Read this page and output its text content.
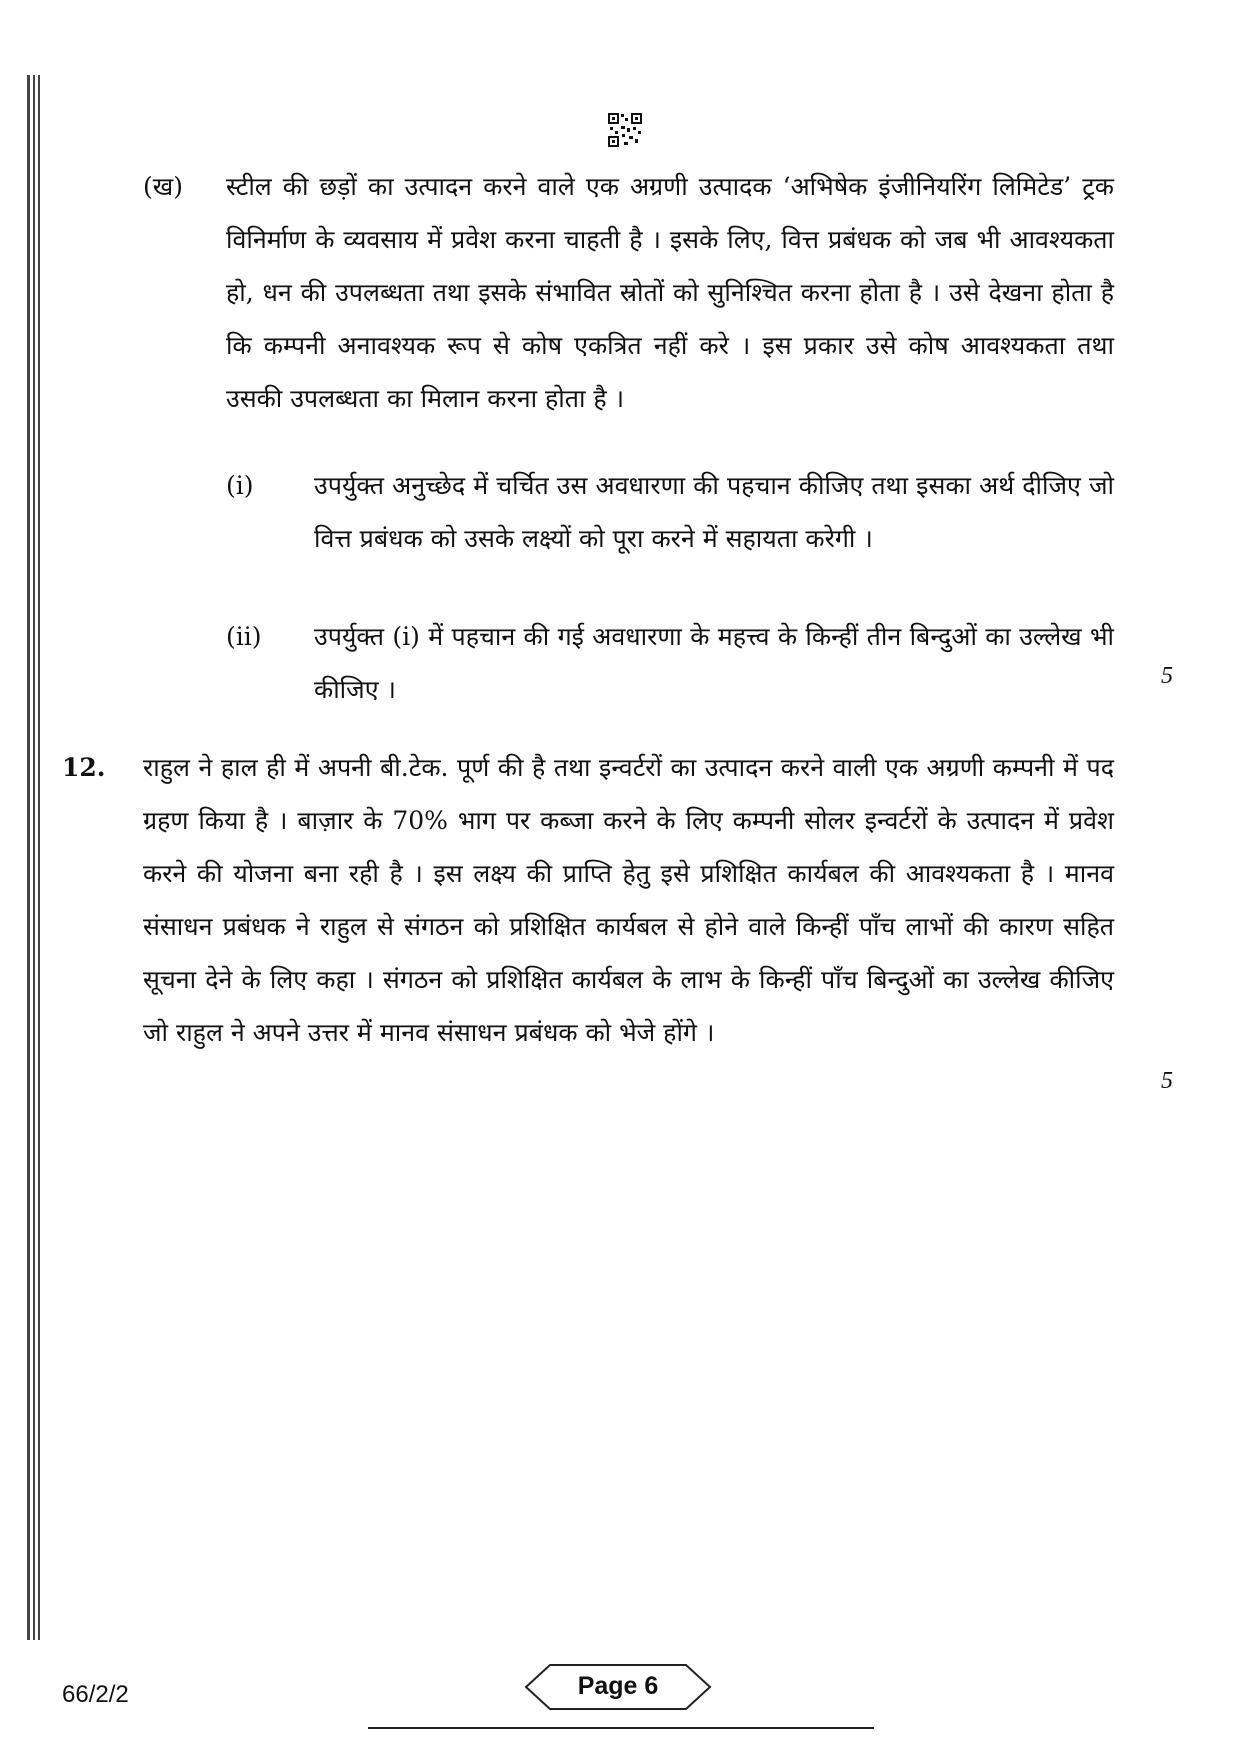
(ख) स्टील की छड़ों का उत्पादन करने वाले एक अग्रणी उत्पादक ‘अभिषेक इंजीनियरिंग लिमिटेड’ ट्रक विनिर्माण के व्यवसाय में प्रवेश करना चाहती है । इसके लिए, वित्त प्रबंधक को जब भी आवश्यकता हो, धन की उपलब्धता तथा इसके संभावित स्रोतों को सुनिश्चित करना होता है । उसे देखना होता है कि कम्पनी अनावश्यक रूप से कोष एकत्रित नहीं करे । इस प्रकार उसे कोष आवश्यकता तथा उसकी उपलब्धता का मिलान करना होता है ।
(i) उपर्युक्त अनुच्छेद में चर्चित उस अवधारणा की पहचान कीजिए तथा इसका अर्थ दीजिए जो वित्त प्रबंधक को उसके लक्ष्यों को पूरा करने में सहायता करेगी ।
(ii) उपर्युक्त (i) में पहचान की गई अवधारणा के महत्त्व के किन्हीं तीन बिन्दुओं का उल्लेख भी कीजिए ।	5
12. राहुल ने हाल ही में अपनी बी.टेक. पूर्ण की है तथा इन्वर्टरों का उत्पादन करने वाली एक अग्रणी कम्पनी में पद ग्रहण किया है । बाज़ार के 70% भाग पर कब्जा करने के लिए कम्पनी सोलर इन्वर्टरों के उत्पादन में प्रवेश करने की योजना बना रही है । इस लक्ष्य की प्राप्ति हेतु इसे प्रशिक्षित कार्यबल की आवश्यकता है । मानव संसाधन प्रबंधक ने राहुल से संगठन को प्रशिक्षित कार्यबल से होने वाले किन्हीं पाँच लाभों की कारण सहित सूचना देने के लिए कहा । संगठन को प्रशिक्षित कार्यबल के लाभ के किन्हीं पाँच बिन्दुओं का उल्लेख कीजिए जो राहुल ने अपने उत्तर में मानव संसाधन प्रबंधक को भेजे होंगे ।
5
66/2/2	Page 6
